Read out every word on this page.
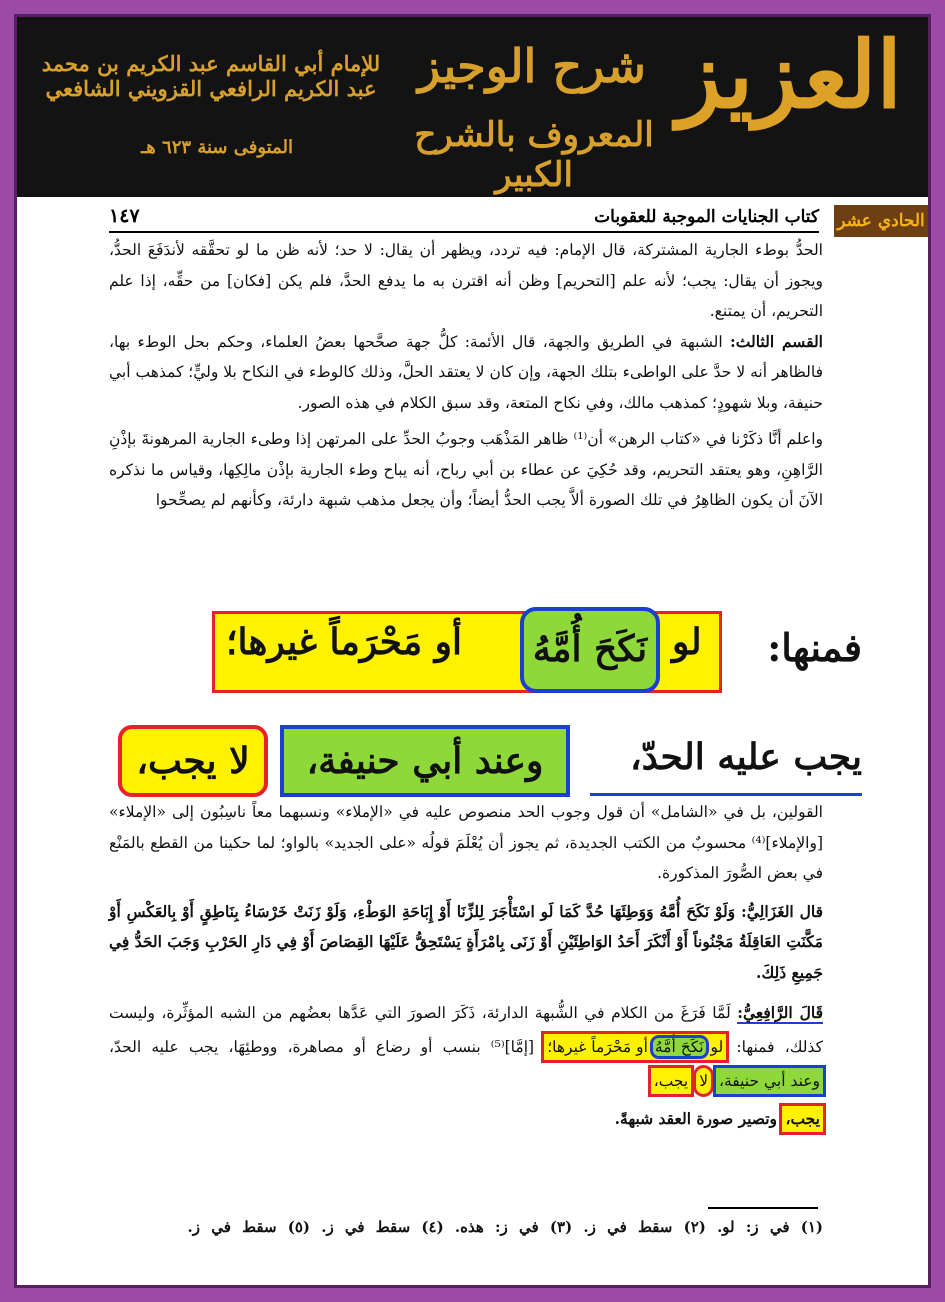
العزيز
شرح الوجيز
المعروف بالشرح الكبير
للإمام أبي القاسم عبد الكريم بن محمد عبد الكريم الرافعي القزويني الشافعي
المتوفى سنة ٦٢٣ هـ
الحادي عشر
كتاب الجنايات الموجبة للعقوبات
١٤٧

الحدُّ بوطء الجارية المشتركة، قال الإمام: فيه تردد، ويظهر أن يقال: لا حد؛ لأنه ظن ما لو تحقَّقه لأندَفَعَ الحدُّ، ويجوز أن يقال: يجب؛ لأنه علم [التحريم] وظن أنه اقترن به ما يدفع الحدَّ، فلم يكن [فكان] من حقِّه، إذا علم التحريم، أن يمتنع.

القسم الثالث: الشبهة في الطريق والجهة، قال الأئمة: كلُّ جهة صحَّحها بعضُ العلماء، وحكم بحل الوطء بها، فالظاهر أنه لا حدَّ على الواطىء بتلك الجهة، وإن كان لا يعتقد الحلَّ، وذلك كالوطء في النكاح بلا وليٍّ؛ كمذهب أبي حنيفة، وبلا شهودٍ؛ كمذهب مالك، وفي نكاح المتعة، وقد سبق الكلام في هذه الصور.

واعلم أنَّا ذكَرْنا في «كتاب الرهن» أن⁽¹⁾ ظاهر المَذْهَب وجوبُ الحدِّ على المرتهن إذا وطىء الجارية المرهونةَ بإذْنِ الرَّاهِنِ، وهو يعتقد التحريم، وقد حُكِيَ عن عطاء بن أبي رباح، أنه يباح وطء الجارية بإذْن مالِكِها، وقياس ما نذكره الآنَ أن يكون الظاهِرُ في تلك الصورة ألاَّ يجب الحدُّ أيضاً؛ وأن يجعل مذهب شبهة دارئة، وكأنهم لم يصحِّحوا

أو مَحْرَماً غيرها؛	نَكَحَ أُمَّهُ لو فمنها:
لا يجب،	وعند أبي حنيفة،	يجب عليه الحدّ،

القولين، بل في «الشامل» أن قول وجوب الحد منصوص عليه في «الإملاء» ونسبهما معاً ناسِبُون إلى «الإملاء» [والإملاء]⁽⁴⁾ محسوبٌ من الكتب الجديدة، ثم يجوز أن يُعْلَمَ قولُه «على الجديد» بالواو؛ لما حكينا من القطع بالمَنْع في بعض الصُّورَ المذكورة.

قال الغَزَالِيُّ: وَلَوْ نَكَحَ أُمَّهُ وَوَطِئَهَا حُدَّ كَمَا لَو اسْتَأْجَرَ لِلزِّنَا أَوْ إِبَاحَةِ الوَطْءِ، وَلَوْ زَنَتْ خَرْسَاءُ بِنَاطِقٍ أَوْ بِالعَكْسِ أَوْ مَكَّنَتِ العَاقِلَةُ مَجْنُوناً أَوْ أَنْكَرَ أَحَدُ الوَاطِئَيْنِ أَوْ زَنَى بِامْرَأَةٍ يَسْتَحِقُّ عَلَيْهَا القِصَاصَ أَوْ فِي دَارِ الحَرْبِ وَجَبَ الحَدُّ فِي جَمِيعِ ذَلِكَ.

قَالَ الرَّافِعِيُّ: لَمَّا فَرَغَ من الكلام في الشُّبهة الدارئة، ذَكَرَ الصورَ التي عَدَّها بعضُهم من الشبه المؤثِّرة، وليست كذلك، فمنها: لو نَكَحَ أُمَّهُ أو مَحْرَماً غيرها؛ [إمَّا]⁽⁵⁾ بنسب أو رضاع أو مصاهرة، ووطئِهَا، يجب عليه الحدّ، وعند أبي حنيفة، لا يجب،

يجب، وتصير صورة العقد شبهةً.

(١) في ز: لو. (٢) سقط في ز. (٣) في ز: هذه. (٤) سقط في ز. (٥) سقط في ز.
